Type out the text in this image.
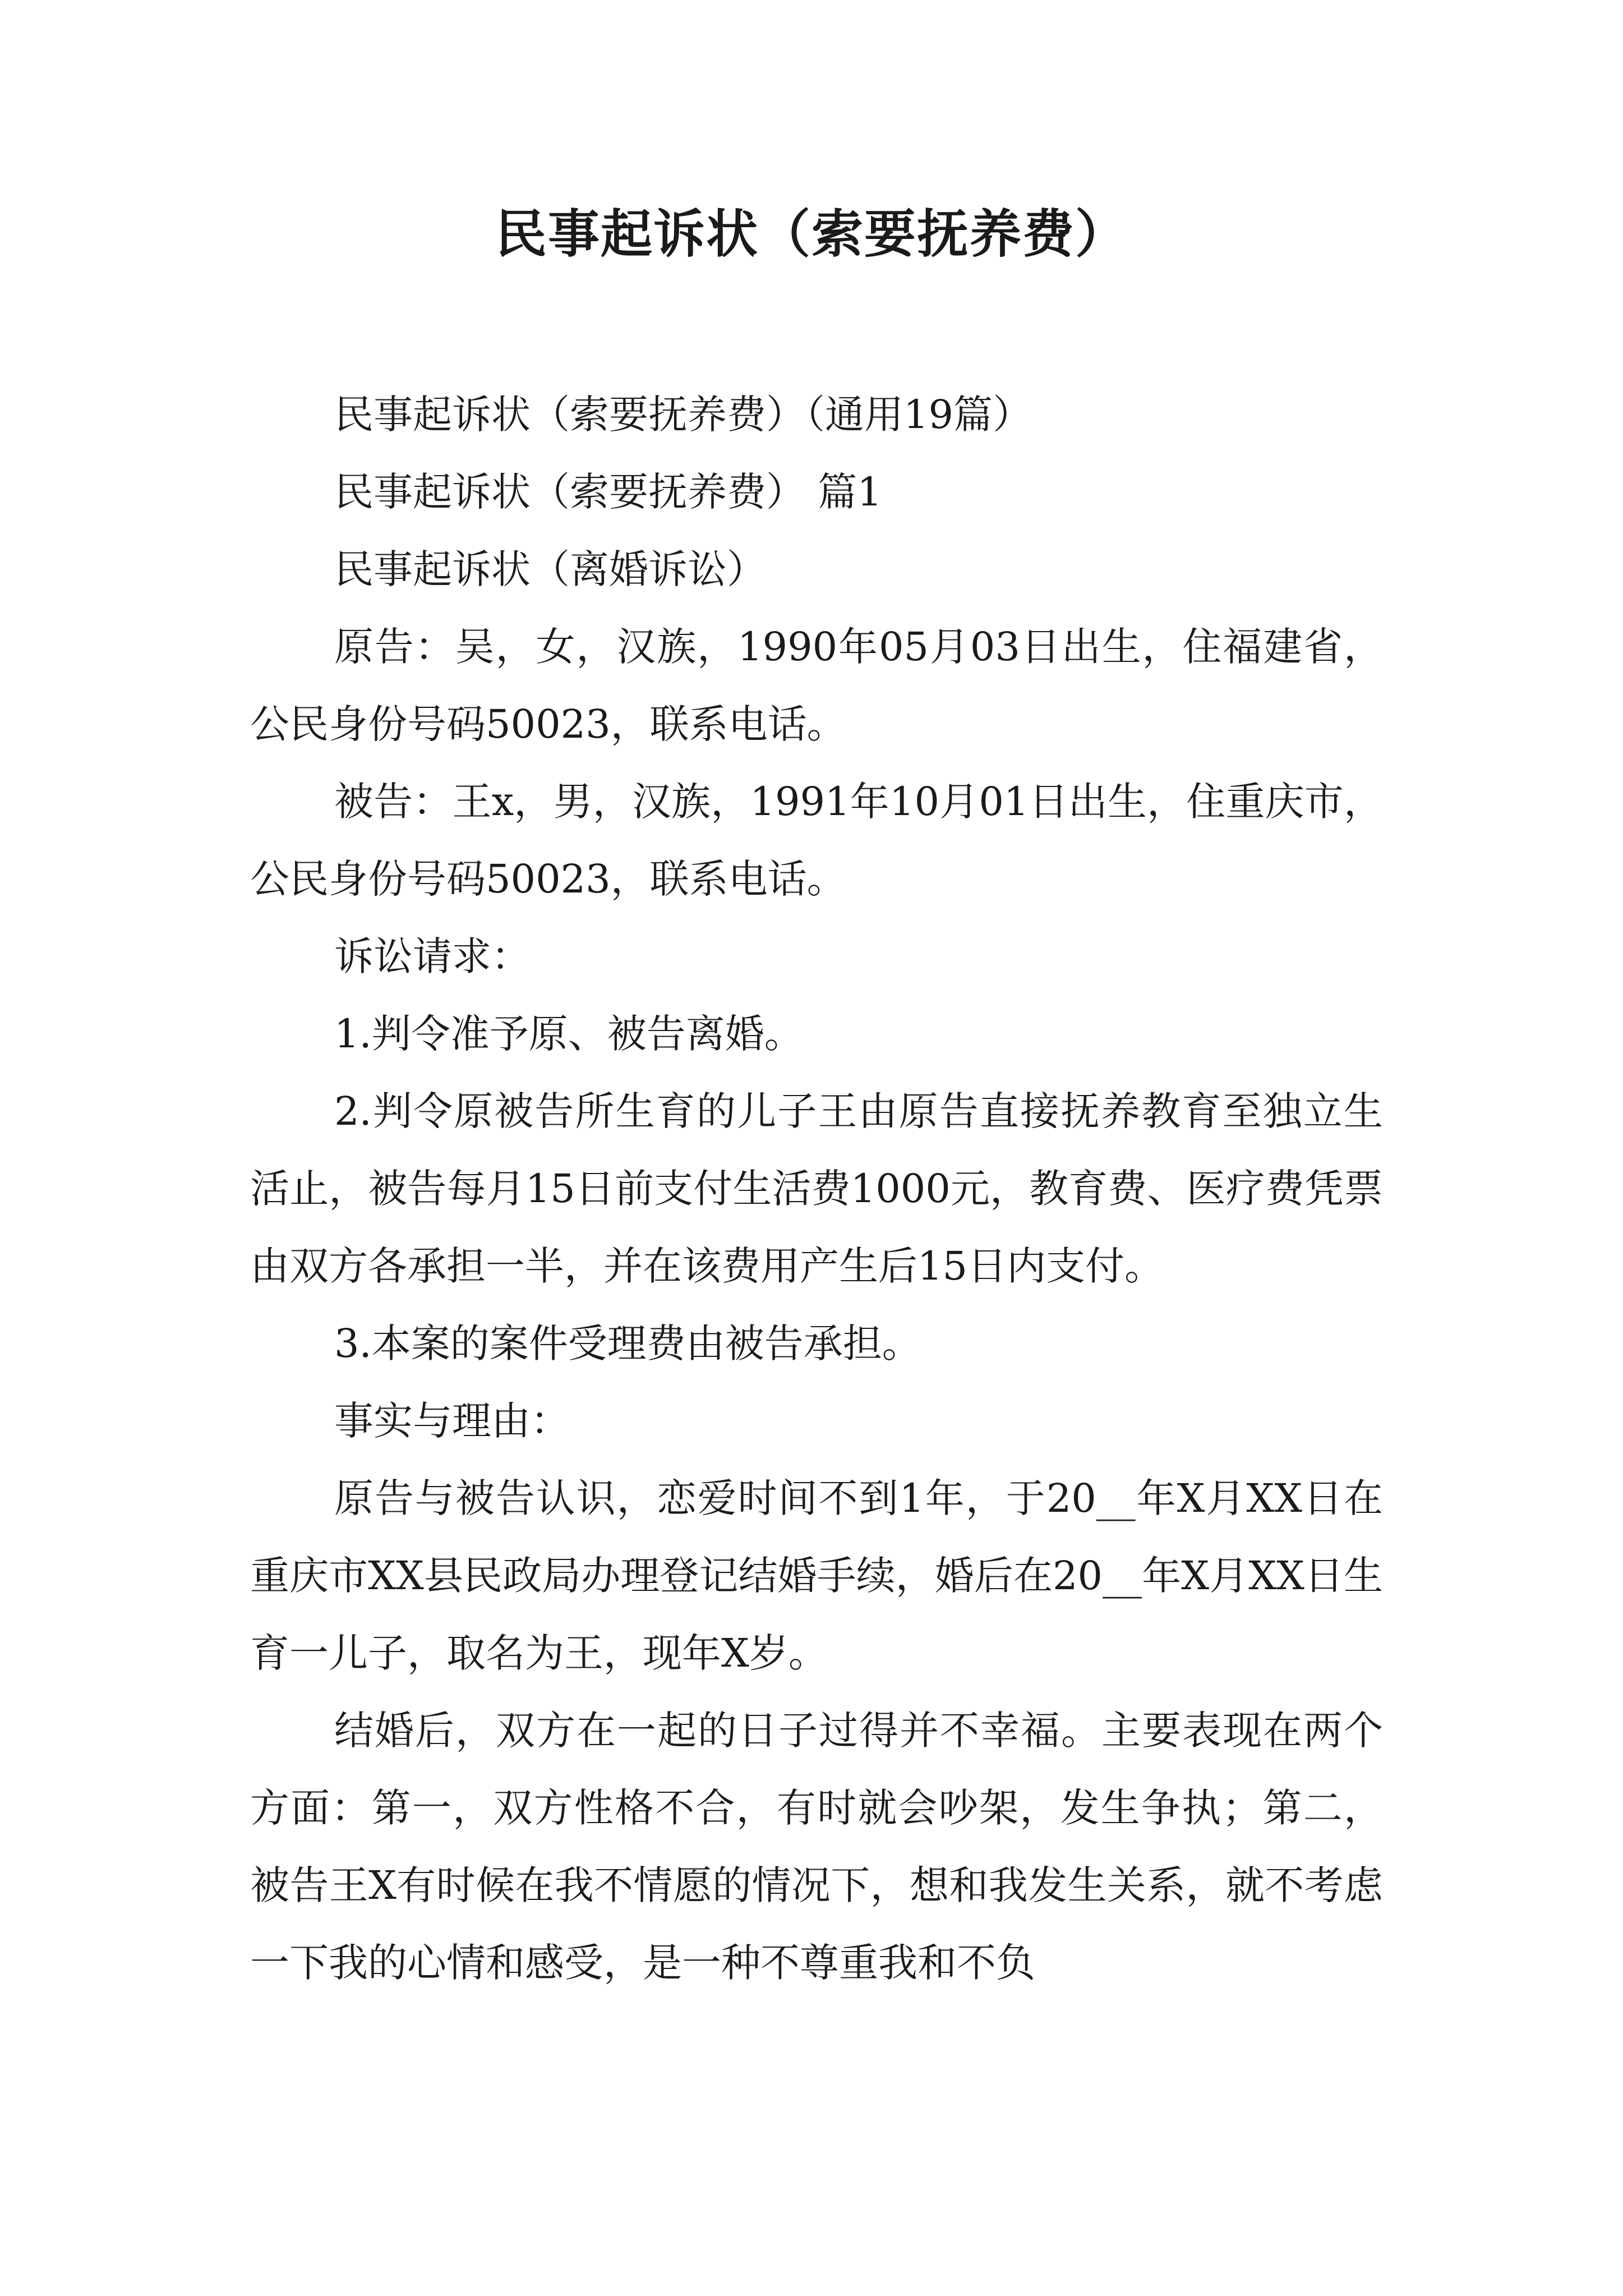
民事起诉状（索要抚养费）

民事起诉状（索要抚养费）（通用19篇）

民事起诉状（索要抚养费） 篇1

民事起诉状（离婚诉讼）

原告：吴，女，汉族，1990年05月03日出生，住福建省，公民身份号码50023，联系电话。

被告：王x，男，汉族，1991年10月01日出生，住重庆市，公民身份号码50023，联系电话。

诉讼请求：

1.判令准予原、被告离婚。

2.判令原被告所生育的儿子王由原告直接抚养教育至独立生活止，被告每月15日前支付生活费1000元，教育费、医疗费凭票由双方各承担一半，并在该费用产生后15日内支付。

3.本案的案件受理费由被告承担。

事实与理由：

原告与被告认识，恋爱时间不到1年，于20__年X月XX日在重庆市XX县民政局办理登记结婚手续，婚后在20__年X月XX日生育一儿子，取名为王，现年X岁。

结婚后，双方在一起的日子过得并不幸福。主要表现在两个方面：第一，双方性格不合，有时就会吵架，发生争执；第二，被告王X有时候在我不情愿的情况下，想和我发生关系，就不考虑一下我的心情和感受，是一种不尊重我和不负
